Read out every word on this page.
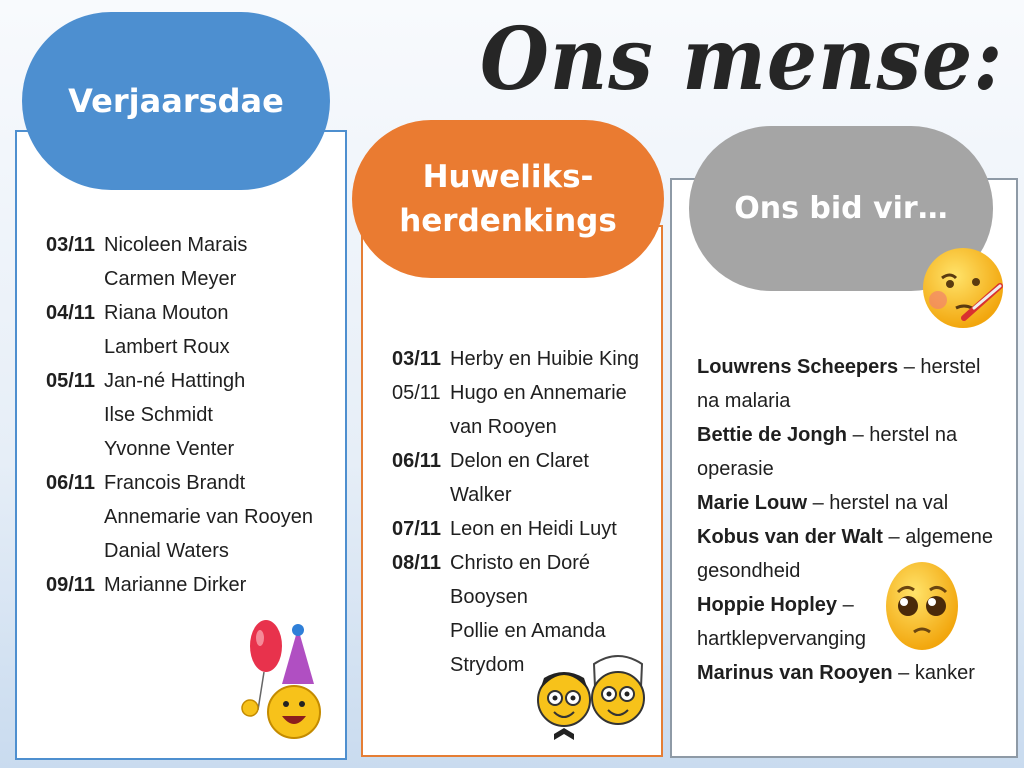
Ons mense:
Verjaarsdae
03/11 Nicoleen Marais
Carmen Meyer
04/11 Riana Mouton
Lambert Roux
05/11 Jan-né Hattingh
Ilse Schmidt
Yvonne Venter
06/11 Francois Brandt
Annemarie van Rooyen
Danial Waters
09/11 Marianne Dirker
Huweliks-
herdenkings
03/11 Herby en Huibie King
05/11 Hugo en Annemarie
van Rooyen
06/11 Delon en Claret
Walker
07/11 Leon en Heidi Luyt
08/11 Christo en Doré
Booysen
Pollie en Amanda
Strydom
Ons bid vir…
Louwrens Scheepers – herstel na malaria
Bettie de Jongh – herstel na operasie
Marie Louw – herstel na val
Kobus van der Walt – algemene gesondheid
Hoppie Hopley – hartklepvervanging
Marinus van Rooyen – kanker
